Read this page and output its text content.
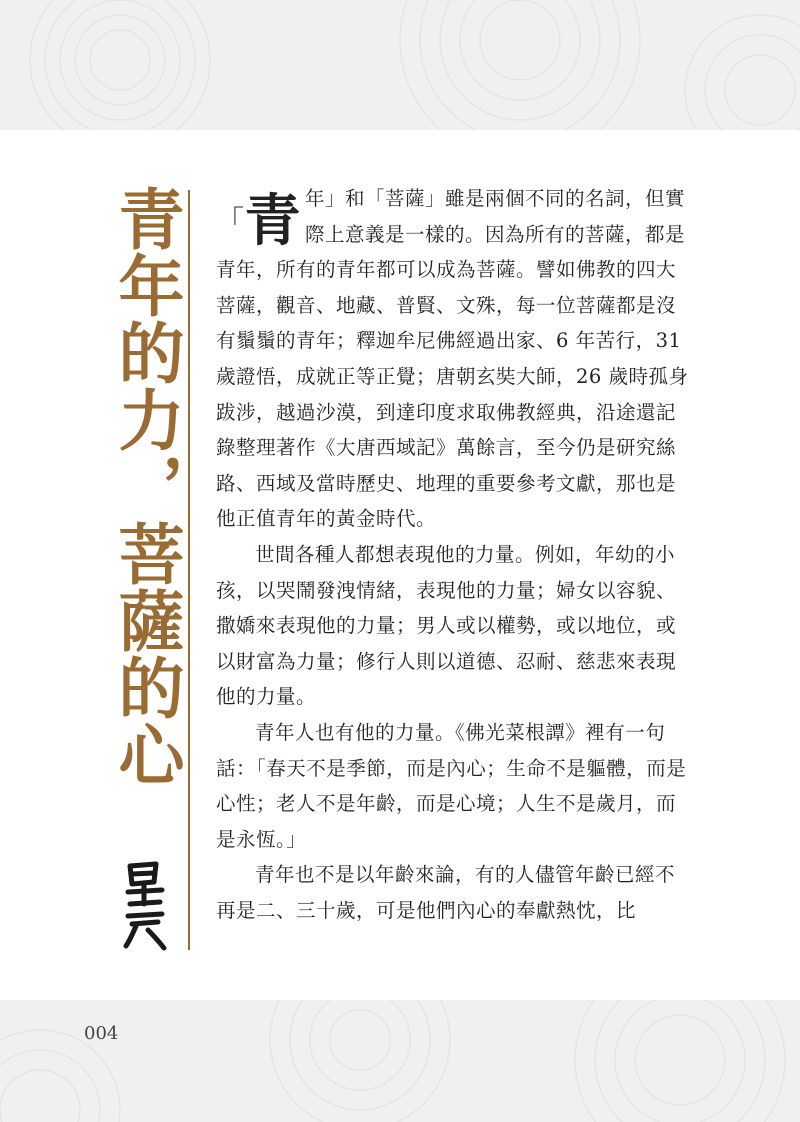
青年的力，菩薩的心 「青 年」和「菩薩」雖是兩個不同的名詞，但實際上意義是一樣的。因為所有的菩薩，都是青年，所有的青年都可以成為菩薩。譬如佛教的四大菩薩，觀音、地藏、普賢、文殊，每一位菩薩都是沒有鬚鬚的青年；釋迦牟尼佛經過出家、6 年苦行，31 歲證悟，成就正等正覺；唐朝玄奘大師，26 歲時孤身跋涉，越過沙漠，到達印度求取佛教經典，沿途還記錄整理著作《大唐西域記》萬餘言，至今仍是研究絲路、西域及當時歷史、地理的重要參考文獻，那也是他正值青年的黃金時代。

世間各種人都想表現他的力量。例如，年幼的小孩，以哭鬧發洩情緒，表現他的力量；婦女以容貌、撒嬌來表現他的力量；男人或以權勢，或以地位，或以財富為力量；修行人則以道德、忍耐、慈悲來表現他的力量。

青年人也有他的力量。《佛光菜根譚》裡有一句話：「春天不是季節，而是內心；生命不是軀體，而是心性；老人不是年齡，而是心境；人生不是歲月，而是永恆。」

青年也不是以年齡來論，有的人儘管年齡已經不再是二、三十歲，可是他們內心的奉獻熱忱，比

004
